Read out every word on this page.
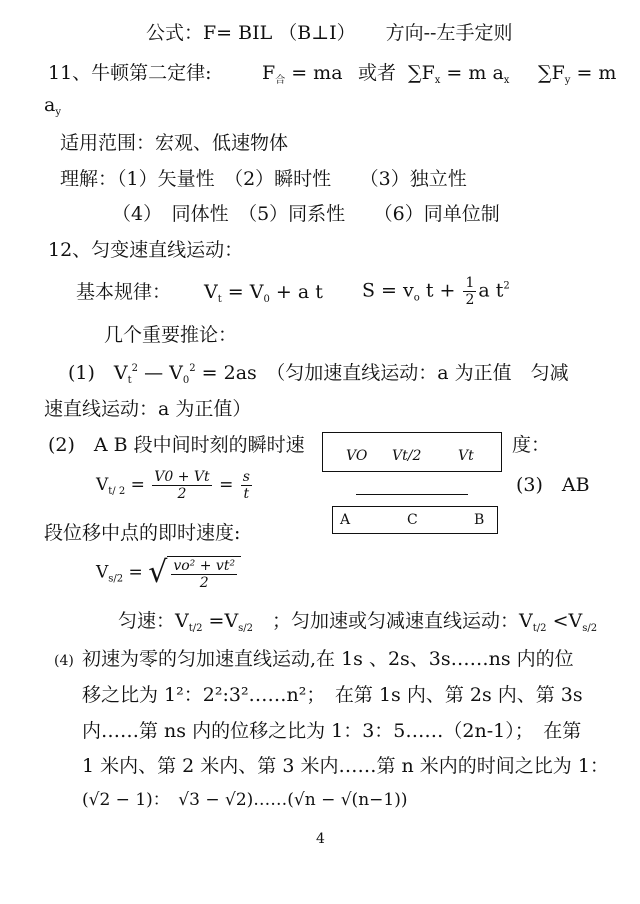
公式：F= BIL （B⊥I） 方向--左手定则
11、牛顿第二定律:	$F_合$ = ma 或者 $\sum F_x = m$ $a_x$ $\sum F_y = m$
$a_y$
适用范围：宏观、低速物体
理解：（1）矢量性　（2）瞬时性　　（3）独立性
（4）　同体性　（5）同系性　　（6）同单位制
12、匀变速直线运动：
基本规律： $V_t = V_0 + a$ t $S = v_o$ $t + \frac{1}{2}$ a $t^2$
几个重要推论：
(1)　$V_t^2$ — $V_0^2 = 2as$　（匀加速直线运动：a 为正值　匀减
速直线运动：a 为正值）
(2)　A B 段中间时刻的瞬时速	度：
VO Vt/2	Vt
A	C	B
$V_{t/ 2} = \frac{V0 + Vt}{2} = \frac{s}{t}$	(3)　AB
段位移中点的即时速度:
$V_{s/2}$ = √ $\frac{\text{vo² + vt²}}{2}$
匀速：$V_{t/2} =V_{s/2}$　；匀加速或匀减速直线运动：$V_{t/2} <V_{s/2}$
(4) 初速为零的匀加速直线运动,在 1s 、2s、3s……ns 内的位
移之比为 1²：2²:3²……n²；　在第 1s 内、第 2s 内、第 3s
内……第 ns 内的位移之比为 1：3：5……（2n-1）；　在第
1 米内、第 2 米内、第 3 米内……第 n 米内的时间之比为 1：
(√2 − 1)：　√3 − √2)……(√n − √(n−1))
4
